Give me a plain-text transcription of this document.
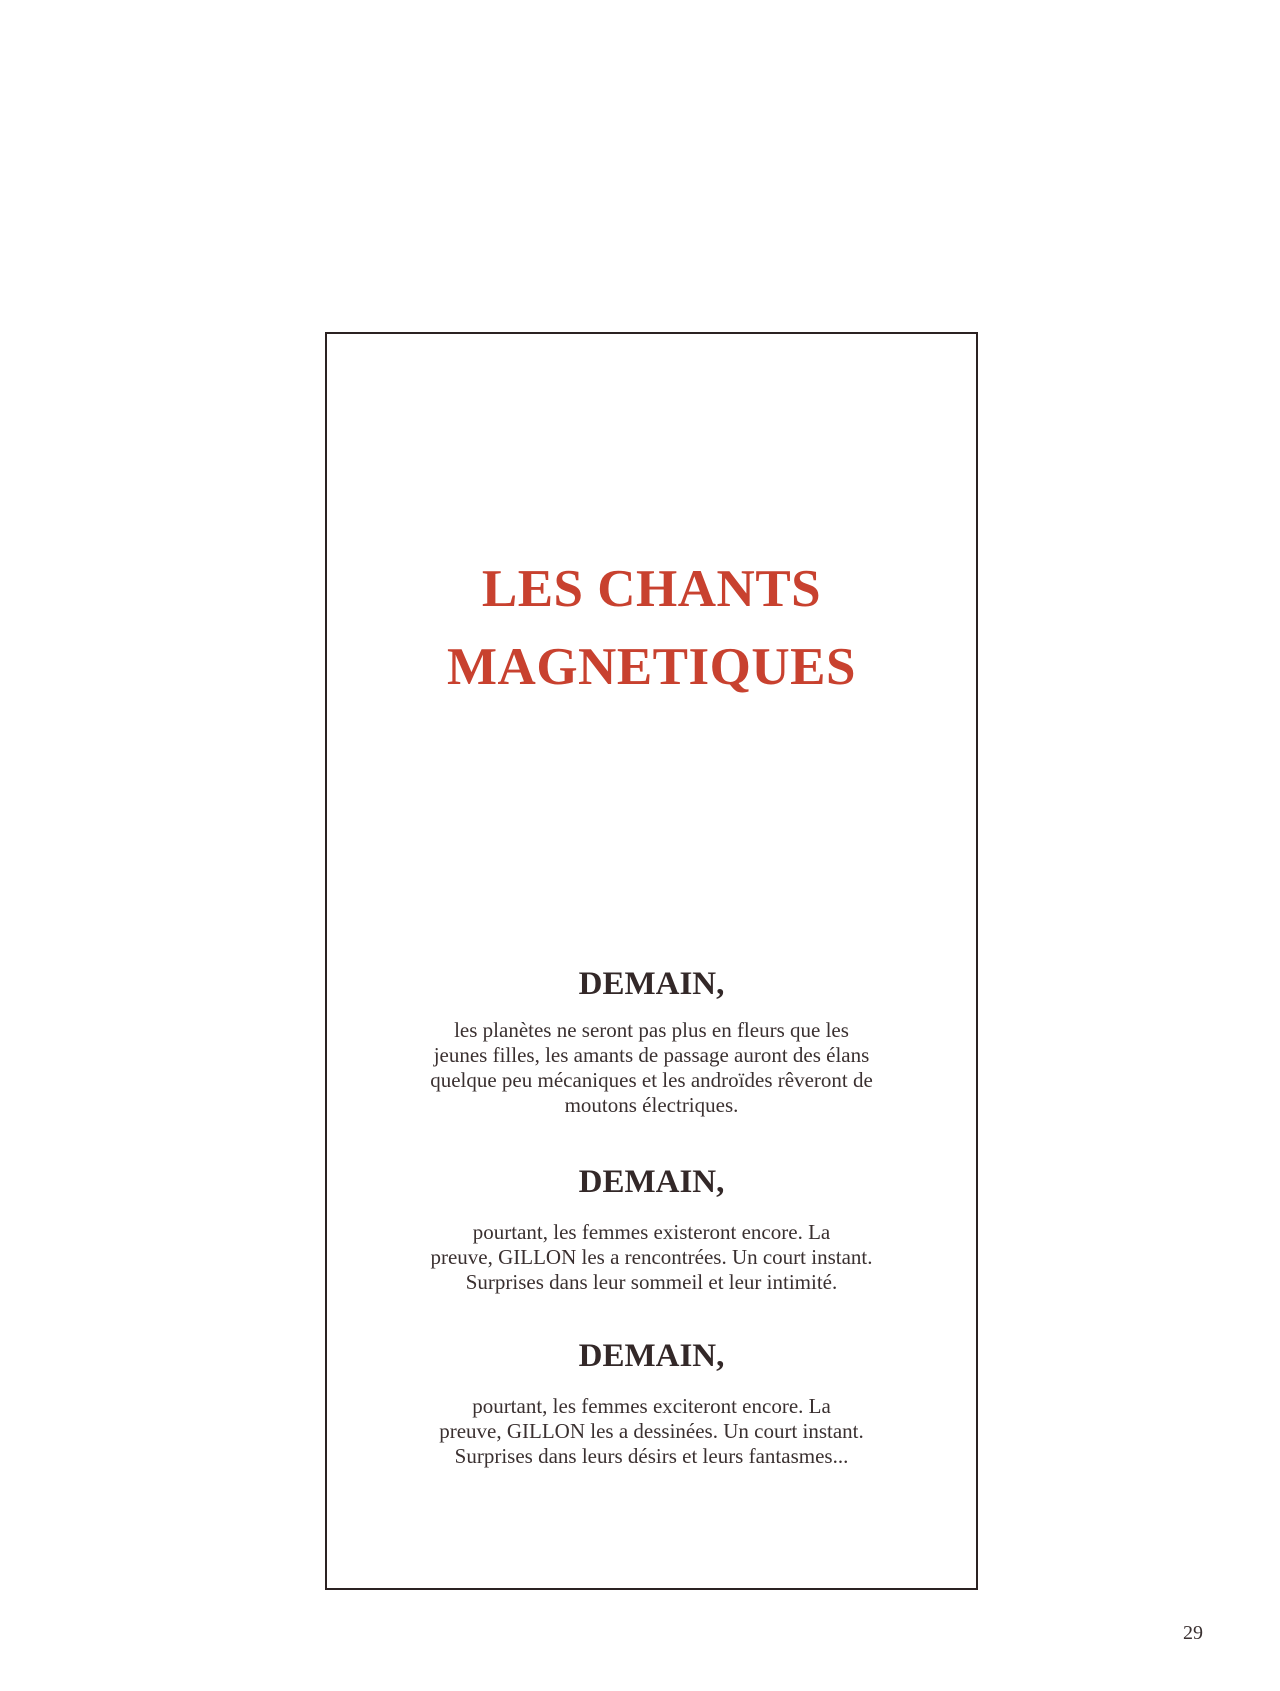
LES CHANTS
MAGNETIQUES
DEMAIN,

les planètes ne seront pas plus en fleurs que les
jeunes filles, les amants de passage auront des élans
quelque peu mécaniques et les androïdes rêveront de
moutons électriques.

DEMAIN,

pourtant, les femmes existeront encore. La
preuve, GILLON les a rencontrées. Un court instant.
Surprises dans leur sommeil et leur intimité.

DEMAIN,

pourtant, les femmes exciteront encore. La
preuve, GILLON les a dessinées. Un court instant.
Surprises dans leurs désirs et leurs fantasmes...

29
